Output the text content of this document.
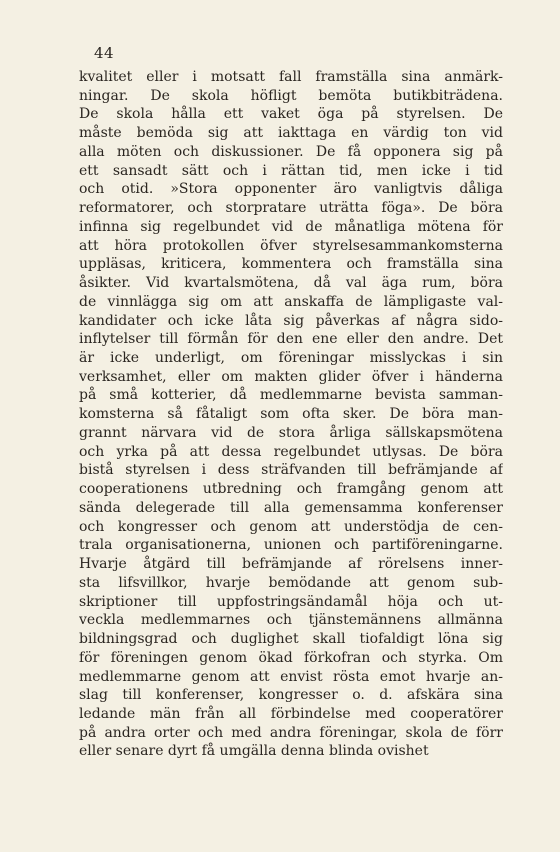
44
kvalitet eller i motsatt fall framställa sina anmärk-
ningar. De skola höfligt bemöta butikbiträdena.
De skola hålla ett vaket öga på styrelsen. De
måste bemöda sig att iakttaga en värdig ton vid
alla möten och diskussioner. De få opponera sig på
ett sansadt sätt och i rättan tid, men icke i tid
och otid. »Stora opponenter äro vanligtvis dåliga
reformatorer, och storpratare uträtta föga». De böra
infinna sig regelbundet vid de månatliga mötena för
att höra protokollen öfver styrelsesammankomsterna
uppläsas, kriticera, kommentera och framställa sina
åsikter. Vid kvartalsmötena, då val äga rum, böra
de vinnlägga sig om att anskaffa de lämpligaste val-
kandidater och icke låta sig påverkas af några sido-
inflytelser till förmån för den ene eller den andre. Det
är icke underligt, om föreningar misslyckas i sin
verksamhet, eller om makten glider öfver i händerna
på små kotterier, då medlemmarne bevista samman-
komsterna så fåtaligt som ofta sker. De böra man-
grannt närvara vid de stora årliga sällskapsmötena
och yrka på att dessa regelbundet utlysas. De böra
bistå styrelsen i dess sträfvanden till befrämjande af
cooperationens utbredning och framgång genom att
sända delegerade till alla gemensamma konferenser
och kongresser och genom att understödja de cen-
trala organisationerna, unionen och partiföreningarne.
Hvarje åtgärd till befrämjande af rörelsens inner-
sta lifsvillkor, hvarje bemödande att genom sub-
skriptioner till uppfostringsändamål höja och ut-
veckla medlemmarnes och tjänstemännens allmänna
bildningsgrad och duglighet skall tiofaldigt löna sig
för föreningen genom ökad förkofran och styrka. Om
medlemmarne genom att envist rösta emot hvarje an-
slag till konferenser, kongresser o. d. afskära sina
ledande män från all förbindelse med cooperatörer
på andra orter och med andra föreningar, skola de förr
eller senare dyrt få umgälla denna blinda ovishet
